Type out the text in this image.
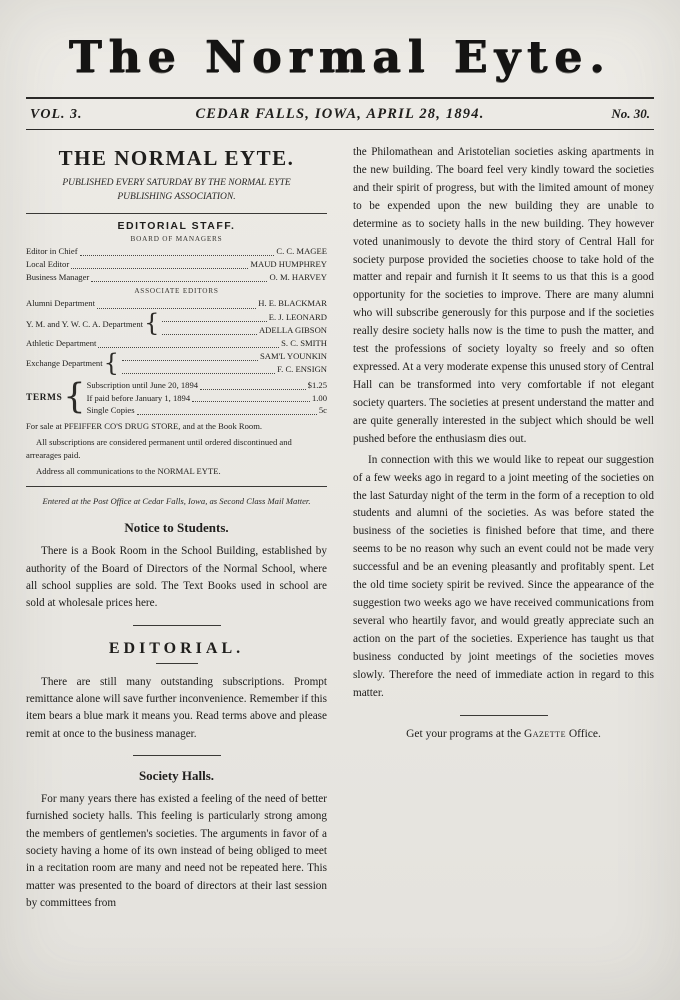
The Normal Eyte.
VOL. 3.	CEDAR FALLS, IOWA, APRIL 28, 1894.	No. 30.
THE NORMAL EYTE.
PUBLISHED EVERY SATURDAY BY THE NORMAL EYTE
PUBLISHING ASSOCIATION.
EDITORIAL STAFF.
BOARD OF MANAGERS
Editor in Chief	C. C. MAGEE
Local Editor	MAUD HUMPHREY
Business Manager	O. M. HARVEY
ASSOCIATE EDITORS
Alumni Department	H. E. BLACKMAR
Y. M. and Y. W. C. A. Department {	E. J. LEONARD
ADELLA GIBSON
Athletic Department	S. C. SMITH
Exchange Department {	SAM'L YOUNKIN
F. C. ENSIGN
TERMS { Subscription until June 20, 1894	$1.25
If paid before January 1, 1894	1.00
Single Copies	5c

For sale at PFEIFFER CO'S DRUG STORE, and at the Book Room.

All subscriptions are considered permanent until ordered discontinued and arrearages paid.

Address all communications to the NORMAL EYTE.

Entered at the Post Office at Cedar Falls, Iowa, as Second Class Mail Matter.

Notice to Students.

There is a Book Room in the School Building, established by authority of the Board of Directors of the Normal School, where all school supplies are sold. The Text Books used in school are sold at wholesale prices here.

EDITORIAL.

There are still many outstanding subscriptions. Prompt remittance alone will save further inconvenience. Remember if this item bears a blue mark it means you. Read terms above and please remit at once to the business manager.

Society Halls.

For many years there has existed a feeling of the need of better furnished society halls. This feeling is particularly strong among the members of gentlemen's societies. The arguments in favor of a society having a home of its own instead of being obliged to meet in a recitation room are many and need not be repeated here. This matter was presented to the board of directors at their last session by committees from

the Philomathean and Aristotelian societies asking apartments in the new building. The board feel very kindly toward the societies and their spirit of progress, but with the limited amount of money to be expended upon the new building they are unable to determine as to society halls in the new building. They however voted unanimously to devote the third story of Central Hall for society purpose provided the societies choose to take hold of the matter and repair and furnish it It seems to us that this is a good opportunity for the societies to improve. There are many alumni who will subscribe generously for this purpose and if the societies really desire society halls now is the time to push the matter, and test the professions of society loyalty so freely and so often expressed. At a very moderate expense this unused story of Central Hall can be transformed into very comfortable if not elegant society quarters. The societies at present understand the matter and are quite generally interested in the subject which should be well pushed before the enthusiasm dies out.

In connection with this we would like to repeat our suggestion of a few weeks ago in regard to a joint meeting of the societies on the last Saturday night of the term in the form of a reception to old students and alumni of the societies. As was before stated the business of the societies is finished before that time, and there seems to be no reason why such an event could not be made very successful and be an evening pleasantly and profitably spent. Let the old time society spirit be revived. Since the appearance of the suggestion two weeks ago we have received communications from several who heartily favor, and would greatly appreciate such an action on the part of the societies. Experience has taught us that business conducted by joint meetings of the societies moves slowly. Therefore the need of immediate action in regard to this matter.

Get your programs at the Gazette Office.
